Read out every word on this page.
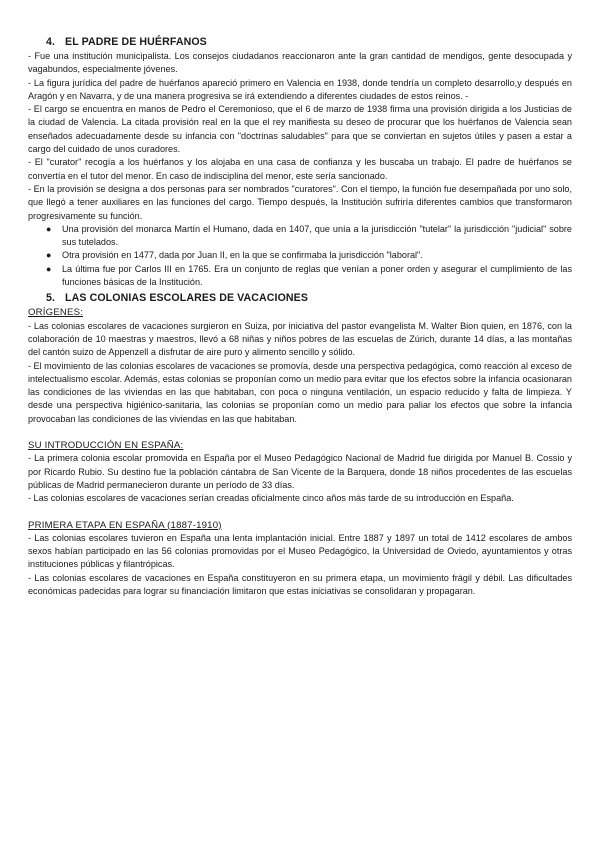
4. EL PADRE DE HUÉRFANOS

- Fue una institución municipalista. Los consejos ciudadanos reaccionaron ante la gran cantidad de mendigos, gente desocupada y vagabundos, especialmente jóvenes.

- La figura jurídica del padre de huérfanos apareció primero en Valencia en 1938, donde tendría un completo desarrollo,y después en Aragón y en Navarra, y de una manera progresiva se irá extendiendo a diferentes ciudades de estos reinos. -

- El cargo se encuentra en manos de Pedro el Ceremonioso, que el 6 de marzo de 1938 firma una provisión dirigida a los Justicias de la ciudad de Valencia. La citada provisión real en la que el rey manifiesta su deseo de procurar que los huérfanos de Valencia sean enseñados adecuadamente desde su infancia con "doctrinas saludables" para que se conviertan en sujetos útiles y pasen a estar a cargo del cuidado de unos curadores.

- El "curator" recogía a los huérfanos y los alojaba en una casa de confianza y les buscaba un trabajo. El padre de huérfanos se convertía en el tutor del menor. En caso de indisciplina del menor, este sería sancionado.

- En la provisión se designa a dos personas para ser nombrados "curatores". Con el tiempo, la función fue desempañada por uno solo, que llegó a tener auxiliares en las funciones del cargo. Tiempo después, la Institución sufriría diferentes cambios que transformaron progresivamente su función.

● Una provisión del monarca Martín el Humano, dada en 1407, que unía a la jurisdicción "tutelar" la jurisdicción "judicial" sobre sus tutelados.
● Otra provisión en 1477, dada por Juan II, en la que se confirmaba la jurisdicción "laboral".
● La última fue por Carlos III en 1765. Era un conjunto de reglas que venían a poner orden y asegurar el cumplimiento de las funciones básicas de la Institución.
5. LAS COLONIAS ESCOLARES DE VACACIONES

ORÍGENES:

- Las colonias escolares de vacaciones surgieron en Suiza, por iniciativa del pastor evangelista M. Walter Bion quien, en 1876, con la colaboración de 10 maestras y maestros, llevó a 68 niñas y niños pobres de las escuelas de Zúrich, durante 14 días, a las montañas del cantón suizo de Appenzell a disfrutar de aire puro y alimento sencillo y sólido.

- El movimiento de las colonias escolares de vacaciones se promovía, desde una perspectiva pedagógica, como reacción al exceso de intelectualismo escolar. Además, estas colonias se proponían como un medio para evitar que los efectos sobre la infancia ocasionaran las condiciones de las viviendas en las que habitaban, con poca o ninguna ventilación, un espacio reducido y falta de limpieza. Y desde una perspectiva higiénico-sanitaria, las colonias se proponían como un medio para paliar los efectos que sobre la infancia provocaban las condiciones de las viviendas en las que habitaban.

SU INTRODUCCIÓN EN ESPAÑA:

- La primera colonia escolar promovida en España por el Museo Pedagógico Nacional de Madrid fue dirigida por Manuel B. Cossio y por Ricardo Rubio. Su destino fue la población cántabra de San Vicente de la Barquera, donde 18 niños procedentes de las escuelas públicas de Madrid permanecieron durante un período de 33 días.

- Las colonias escolares de vacaciones serían creadas oficialmente cinco años más tarde de su introducción en España.

PRIMERA ETAPA EN ESPAÑA (1887-1910)

- Las colonias escolares tuvieron en España una lenta implantación inicial. Entre 1887 y 1897 un total de 1412 escolares de ambos sexos habían participado en las 56 colonias promovidas por el Museo Pedagógico, la Universidad de Oviedo, ayuntamientos y otras instituciones públicas y filantrópicas.

- Las colonias escolares de vacaciones en España constituyeron en su primera etapa, un movimiento frágil y débil. Las dificultades económicas padecidas para lograr su financiación limitaron que estas iniciativas se consolidaran y propagaran.
